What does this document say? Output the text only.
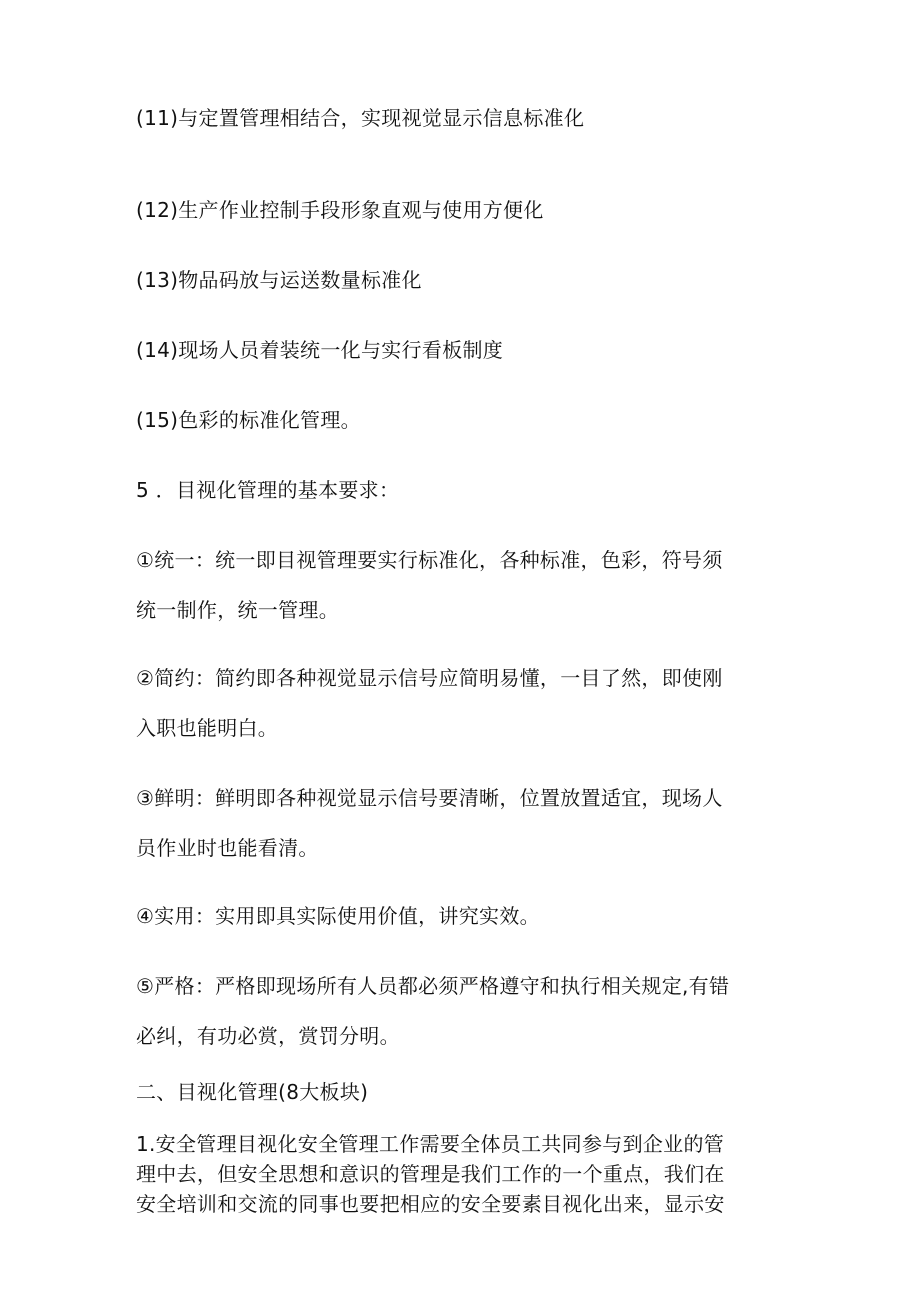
(11)与定置管理相结合，实现视觉显示信息标准化
(12)生产作业控制手段形象直观与使用方便化
(13)物品码放与运送数量标准化
(14)现场人员着装统一化与实行看板制度
(15)色彩的标准化管理。
5 ．目视化管理的基本要求：
①统一：统一即目视管理要实行标准化，各种标准，色彩，符号须
统一制作，统一管理。
②简约：简约即各种视觉显示信号应简明易懂，一目了然，即使刚
入职也能明白。
③鲜明：鲜明即各种视觉显示信号要清晰，位置放置适宜，现场人
员作业时也能看清。
④实用：实用即具实际使用价值，讲究实效。
⑤严格：严格即现场所有人员都必须严格遵守和执行相关规定,有错
必纠，有功必赏，赏罚分明。
二、目视化管理(8大板块)
1.安全管理目视化安全管理工作需要全体员工共同参与到企业的管
理中去，但安全思想和意识的管理是我们工作的一个重点，我们在
安全培训和交流的同事也要把相应的安全要素目视化出来，显示安
